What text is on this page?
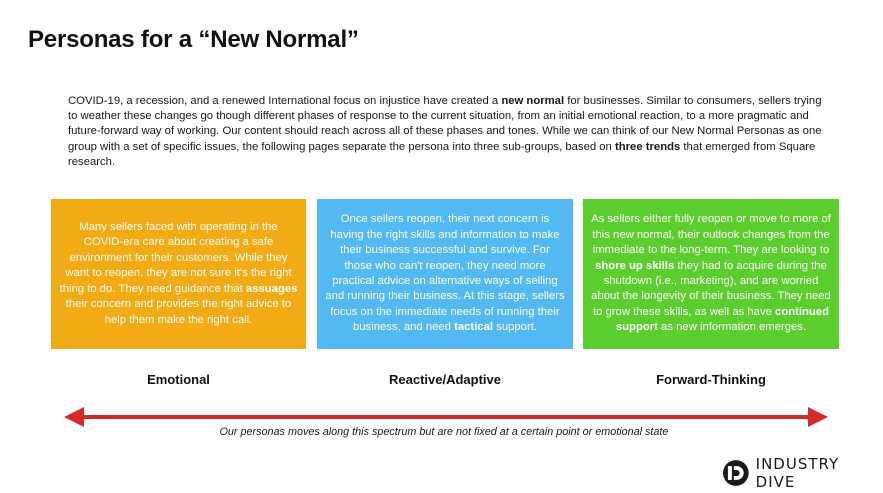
Personas for a “New Normal”
COVID-19, a recession, and a renewed International focus on injustice have created a new normal for businesses. Similar to consumers, sellers trying to weather these changes go though different phases of response to the current situation, from an initial emotional reaction, to a more pragmatic and future-forward way of working. Our content should reach across all of these phases and tones. While we can think of our New Normal Personas as one group with a set of specific issues, the following pages separate the persona into three sub-groups, based on three trends that emerged from Square research.
Many sellers faced with operating in the COVID-era care about creating a safe environment for their customers. While they want to reopen, they are not sure it's the right thing to do. They need guidance that assuages their concern and provides the right advice to help them make the right call.
Once sellers reopen, their next concern is having the right skills and information to make their business successful and survive. For those who can't reopen, they need more practical advice on alternative ways of selling and running their business. At this stage, sellers focus on the immediate needs of running their business, and need tactical support.
As sellers either fully reopen or move to more of this new normal, their outlook changes from the immediate to the long-term. They are looking to shore up skills they had to acquire during the shutdown (i.e., marketing), and are worried about the longevity of their business. They need to grow these skills, as well as have continued support as new information emerges.
Emotional	Reactive/Adaptive	Forward-Thinking
Our personas moves along this spectrum but are not fixed at a certain point or emotional state
INDUSTRY DIVE
